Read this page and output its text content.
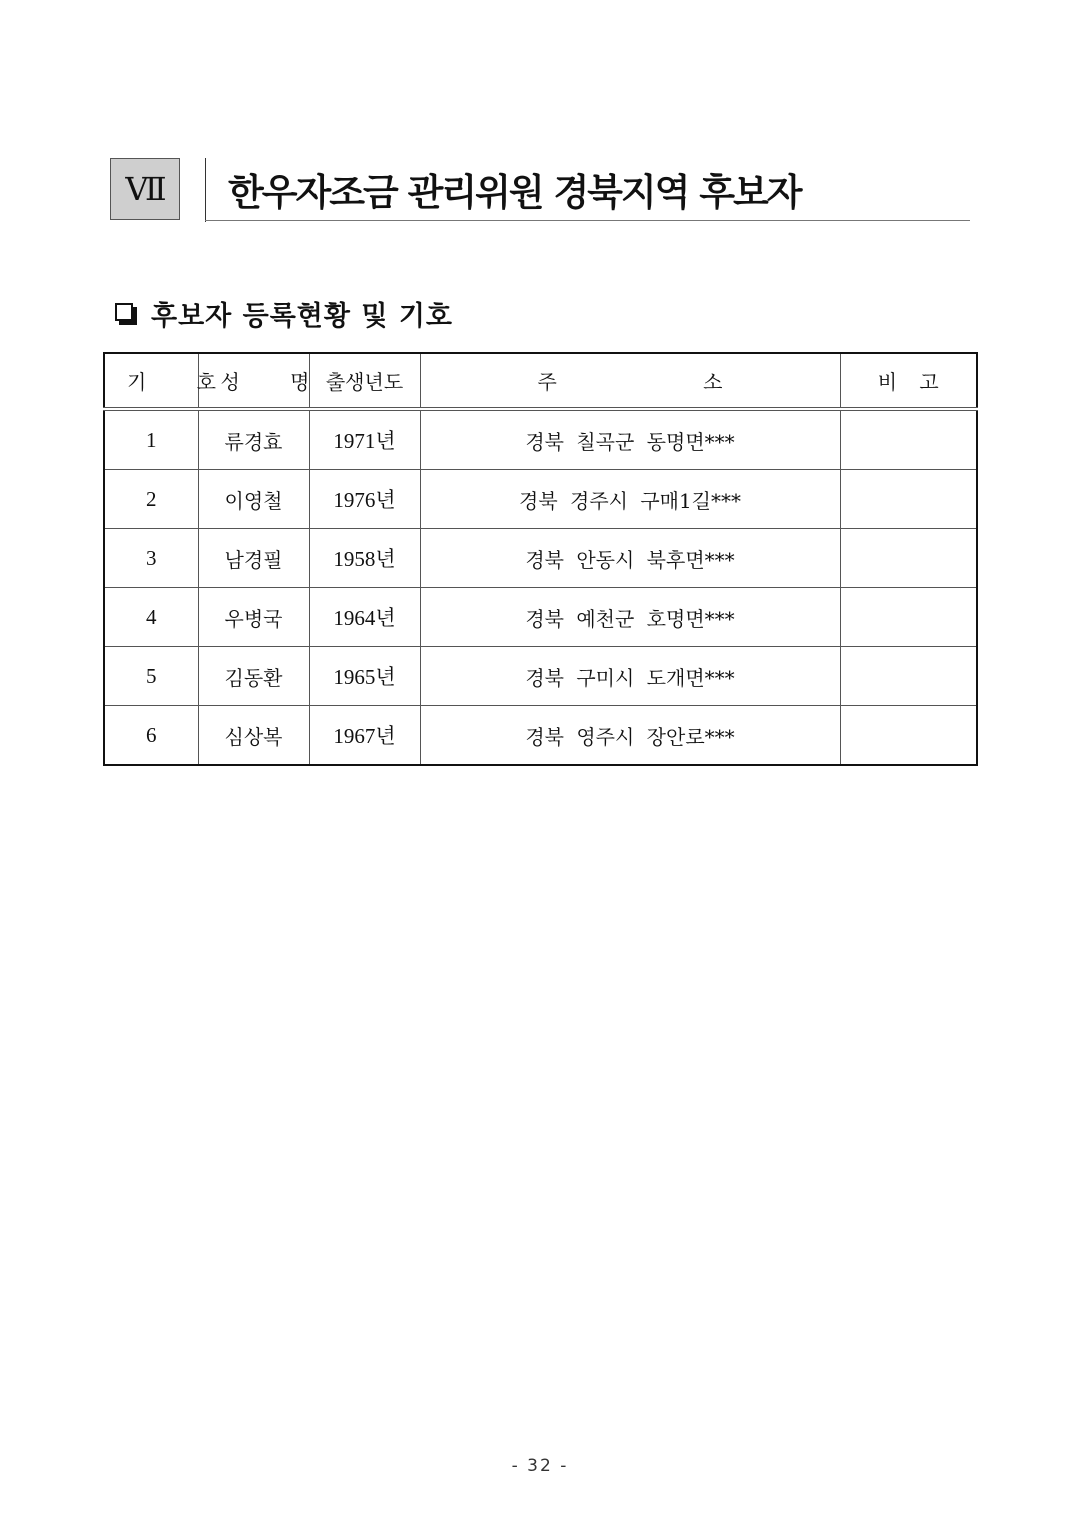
Ⅶ 한우자조금 관리위원 경북지역 후보자
후보자 등록현황 및 기호
기 호	성 명	출생년도	주 소	비 고
1	류경효	1971년	경북 칠곡군 동명면***	
2	이영철	1976년	경북 경주시 구매1길***	
3	남경필	1958년	경북 안동시 북후면***	
4	우병국	1964년	경북 예천군 호명면***	
5	김동환	1965년	경북 구미시 도개면***	
6	심상복	1967년	경북 영주시 장안로***	
- 32 -
